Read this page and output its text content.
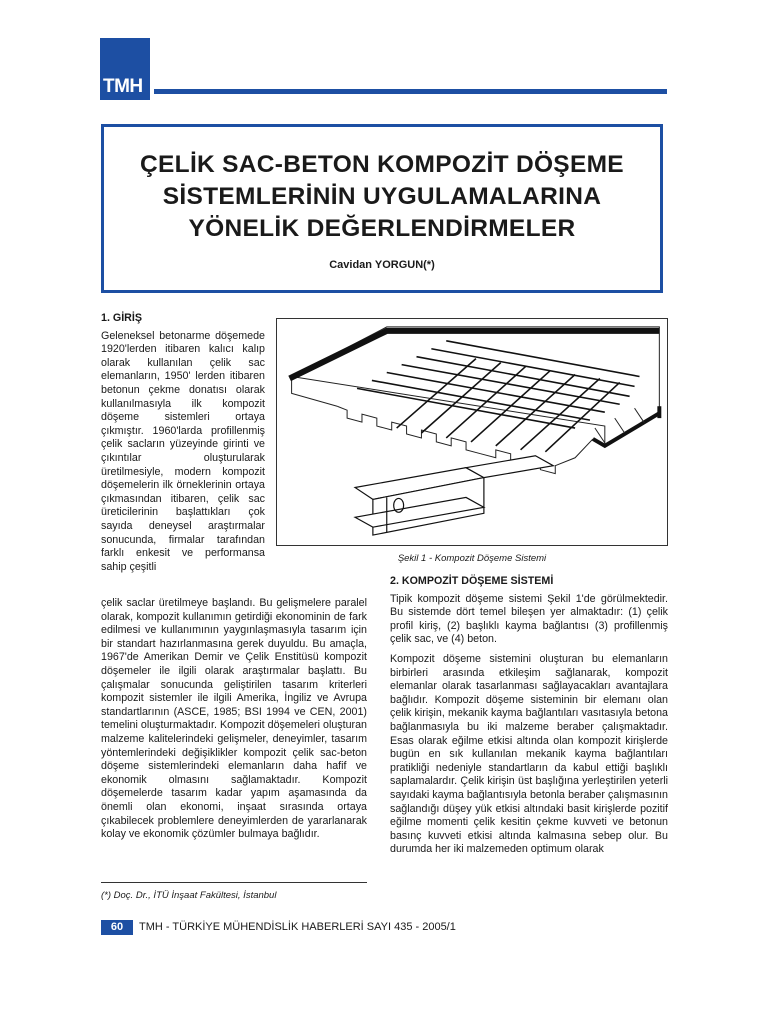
TMH
ÇELİK SAC-BETON KOMPOZİT DÖŞEME
SİSTEMLERİNİN UYGULAMALARINA
YÖNELİK DEĞERLENDİRMELER
Cavidan YORGUN(*)
1. GİRİŞ
Geleneksel betonarme döşemede 1920'lerden itibaren kalıcı kalıp olarak kullanılan çelik sac elemanların, 1950' lerden itibaren betonun çekme donatısı olarak kullanılmasıyla ilk kompozit döşeme sistemleri ortaya çıkmıştır. 1960'larda profillenmiş çelik sacların yüzeyinde girinti ve çıkıntılar oluşturularak üretilmesiyle, modern kompozit döşemelerin ilk örneklerinin ortaya çıkmasından itibaren, çelik sac üreticilerinin başlattıkları çok sayıda deneysel araştırmalar sonucunda, firmalar tarafından farklı enkesit ve performansa sahip çeşitli
Şekil 1 - Kompozit Döşeme Sistemi
çelik saclar üretilmeye başlandı. Bu gelişmelere paralel olarak, kompozit kullanımın getirdiği ekonominin de fark edilmesi ve kullanımının yaygınlaşmasıyla tasarım için bir standart hazırlanmasına gerek duyuldu. Bu amaçla, 1967'de Amerikan Demir ve Çelik Enstitüsü kompozit döşemeler ile ilgili olarak araştırmalar başlattı. Bu çalışmalar sonucunda geliştirilen tasarım kriterleri kompozit sistemler ile ilgili Amerika, İngiliz ve Avrupa standartlarının (ASCE, 1985; BSI 1994 ve CEN, 2001) temelini oluşturmaktadır. Kompozit döşemeleri oluşturan malzeme kalitelerindeki gelişmeler, deneyimler, tasarım yöntemlerindeki değişiklikler kompozit çelik sac-beton döşeme sistemlerindeki elemanların daha hafif ve ekonomik olmasını sağlamaktadır. Kompozit döşemelerde tasarım kadar yapım aşamasında da önemli olan ekonomi, inşaat sırasında ortaya çıkabilecek problemlere deneyimlerden de yararlanarak kolay ve ekonomik çözümler bulmaya bağlıdır.
2. KOMPOZİT DÖŞEME SİSTEMİ

Tipik kompozit döşeme sistemi Şekil 1'de görülmektedir. Bu sistemde dört temel bileşen yer almaktadır: (1) çelik profil kiriş, (2) başlıklı kayma bağlantısı (3) profillenmiş çelik sac, ve (4) beton.

Kompozit döşeme sistemini oluşturan bu elemanların birbirleri arasında etkileşim sağlanarak, kompozit elemanlar olarak tasarlanması sağlayacakları avantajlara bağlıdır. Kompozit döşeme sisteminin bir elemanı olan çelik kirişin, mekanik kayma bağlantıları vasıtasıyla betona bağlanmasıyla bu iki malzeme beraber çalışmaktadır. Esas olarak eğilme etkisi altında olan kompozit kirişlerde bugün en sık kullanılan mekanik kayma bağlantıları pratikliği nedeniyle standartların da kabul ettiği başlıklı saplamalardır. Çelik kirişin üst başlığına yerleştirilen yeterli sayıdaki kayma bağlantısıyla betonla beraber çalışmasının sağlandığı düşey yük etkisi altındaki basit kirişlerde pozitif eğilme momenti çelik kesitin çekme kuvveti ve betonun basınç kuvveti etkisi altında kalmasına sebep olur. Bu durumda her iki malzemeden optimum olarak

(*) Doç. Dr., İTÜ İnşaat Fakültesi, İstanbul
60	TMH - TÜRKİYE MÜHENDİSLİK HABERLERİ SAYI 435 - 2005/1
